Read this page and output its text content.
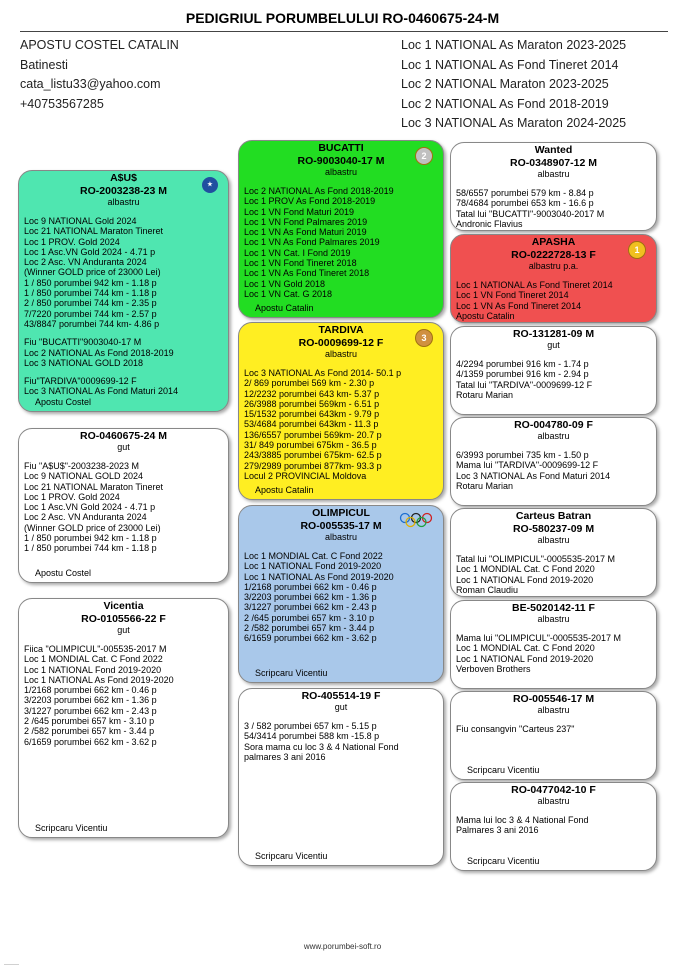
PEDIGRIUL PORUMBELULUI RO-0460675-24-M
APOSTU COSTEL CATALIN
Batinesti
cata_listu33@yahoo.com
+40753567285
Loc 1 NATIONAL As Maraton 2023-2025
Loc 1 NATIONAL As Fond Tineret 2014
Loc 2 NATIONAL Maraton 2023-2025
Loc 2 NATIONAL As Fond 2018-2019
Loc 3 NATIONAL As Maraton 2024-2025
A$U$
RO-2003238-23 M
albastru
Loc 9 NATIONAL Gold 2024
Loc 21 NATIONAL Maraton Tineret
Loc 1 PROV. Gold 2024
Loc 1 Asc.VN Gold 2024 - 4.71 p
Loc 2 Asc. VN Anduranta 2024
(Winner GOLD price of 23000 Lei)
1 / 850 porumbei 942 km - 1.18 p
1 / 850 porumbei 744 km - 1.18 p
2 / 850 porumbei 744 km - 2.35 p
7/7220 porumbei 744 km - 2.57 p
43/8847 porumbei 744 km- 4.86 p
Fiu "BUCATTI"9003040-17 M
Loc 2 NATIONAL As Fond 2018-2019
Loc 3 NATIONAL GOLD 2018
Fiu"TARDIVA"0009699-12 F
Loc 3 NATIONAL As Fond Maturi 2014
Apostu Costel
★
RO-0460675-24 M
gut
Fiu "A$U$"-2003238-2023 M
Loc 9 NATIONAL GOLD 2024
Loc 21 NATIONAL Maraton Tineret
Loc 1 PROV. Gold 2024
Loc 1 Asc.VN Gold 2024 - 4.71 p
Loc 2 Asc. VN Anduranta 2024
(Winner GOLD price of 23000 Lei)
1 / 850 porumbei 942 km - 1.18 p
1 / 850 porumbei 744 km - 1.18 p
Apostu Costel
Vicentia
RO-0105566-22 F
gut
Fiica "OLIMPICUL"-005535-2017 M
Loc 1 MONDIAL Cat. C Fond 2022
Loc 1 NATIONAL Fond 2019-2020
Loc 1 NATIONAL As Fond 2019-2020
1/2168 porumbei 662 km - 0.46 p
3/2203 porumbei 662 km - 1.36 p
3/1227 porumbei 662 km - 2.43 p
2 /645 porumbei 657 km - 3.10 p
2 /582 porumbei 657 km - 3.44 p
6/1659 porumbei 662 km - 3.62 p
Scripcaru Vicentiu
BUCATTI
RO-9003040-17 M
albastru
Loc 2 NATIONAL As Fond 2018-2019
Loc 1 PROV As Fond 2018-2019
Loc 1 VN Fond Maturi 2019
Loc 1 VN Fond Palmares 2019
Loc 1 VN As Fond Maturi 2019
Loc 1 VN As Fond Palmares 2019
Loc 1 VN Cat. I Fond 2019
Loc 1 VN Fond Tineret 2018
Loc 1 VN As Fond Tineret 2018
Loc 1 VN Gold 2018
Loc 1 VN Cat. G 2018
Apostu Catalin
2
TARDIVA
RO-0009699-12 F
albastru
Loc 3 NATIONAL As Fond 2014- 50.1 p
2/ 869 porumbei 569 km - 2.30 p
12/2232 porumbei 643 km- 5.37 p
26/3988 porumbei 569km - 6.51 p
15/1532 porumbei 643km - 9.79 p
53/4684 porumbei 643km - 11.3 p
136/6557 porumbei 569km- 20.7 p
31/ 849 porumbei 675km - 36.5 p
243/3885 porumbei 675km- 62.5 p
279/2989 porumbei 877km- 93.3 p
Locul 2 PROVINCIAL Moldova
Apostu Catalin
3
OLIMPICUL
RO-005535-17 M
albastru
Loc 1 MONDIAL Cat. C Fond 2022
Loc 1 NATIONAL Fond 2019-2020
Loc 1 NATIONAL As Fond 2019-2020
1/2168 porumbei 662 km - 0.46 p
3/2203 porumbei 662 km - 1.36 p
3/1227 porumbei 662 km - 2.43 p
2 /645 porumbei 657 km - 3.10 p
2 /582 porumbei 657 km - 3.44 p
6/1659 porumbei 662 km - 3.62 p
Scripcaru Vicentiu
RO-405514-19 F
gut
3 / 582 porumbei 657 km - 5.15 p
54/3414 porumbei 588 km -15.8 p
Sora mama cu loc 3 & 4 National Fond
palmares 3 ani 2016
Scripcaru Vicentiu
Wanted
RO-0348907-12 M
albastru
58/6557 porumbei 579 km - 8.84 p
78/4684 porumbei 653 km - 16.6 p
Tatal lui "BUCATTI"-9003040-2017 M
Andronic Flavius
APASHA
RO-0222728-13 F
albastru p.a.
Loc 1 NATIONAL As Fond Tineret 2014
Loc 1 VN Fond Tineret 2014
Loc 1 VN As Fond Tineret 2014
Apostu Catalin
1
RO-131281-09 M
gut
4/2294 porumbei 916 km - 1.74 p
4/1359 porumbei 916 km - 2.94 p
Tatal lui "TARDIVA"-0009699-12 F
Rotaru Marian
RO-004780-09 F
albastru
6/3993 porumbei 735 km - 1.50 p
Mama lui "TARDIVA"-0009699-12 F
Loc 3 NATIONAL As Fond Maturi 2014
Rotaru Marian
Carteus Batran
RO-580237-09 M
albastru
Tatal lui "OLIMPICUL"-0005535-2017 M
Loc 1 MONDIAL Cat. C Fond 2020
Loc 1 NATIONAL Fond 2019-2020
Roman Claudiu
BE-5020142-11 F
albastru
Mama lui "OLIMPICUL"-0005535-2017 M
Loc 1 MONDIAL Cat. C Fond 2020
Loc 1 NATIONAL Fond 2019-2020
Verboven Brothers
RO-005546-17 M
albastru
Fiu consangvin "Carteus 237"
Scripcaru Vicentiu
RO-0477042-10 F
albastru
Mama lui loc 3 & 4 National Fond
Palmares 3 ani 2016
Scripcaru Vicentiu
www.porumbei-soft.ro
———
